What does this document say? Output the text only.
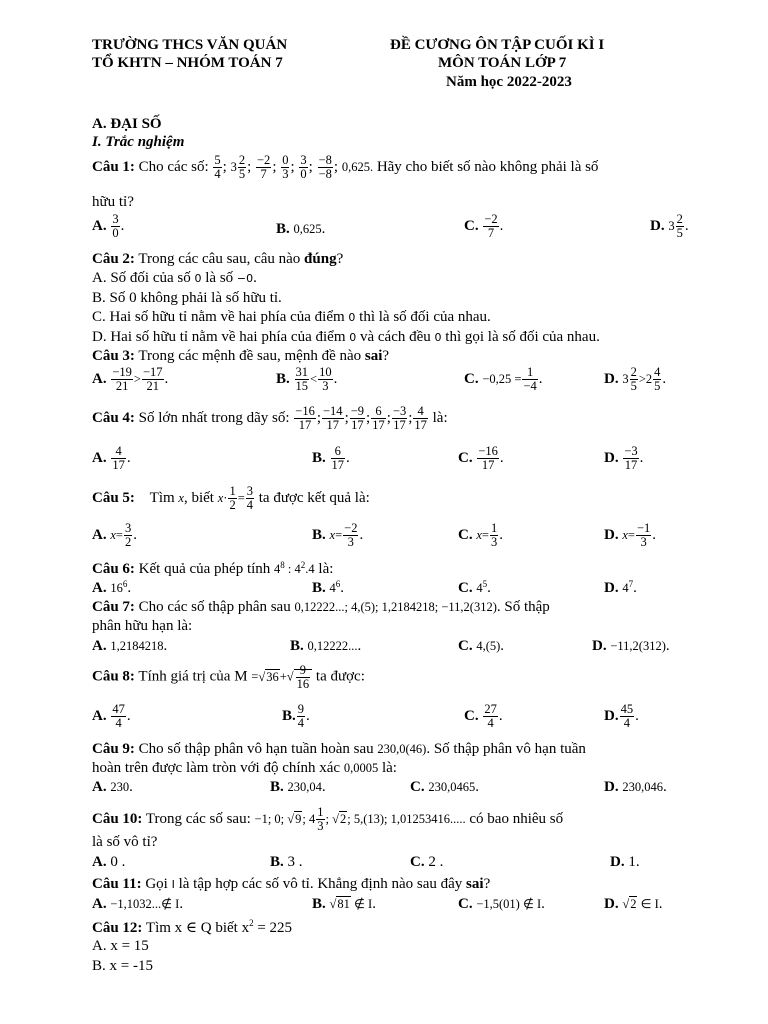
TRƯỜNG THCS VĂN QUÁN
TỔ KHTN – NHÓM TOÁN 7
ĐỀ CƯƠNG ÔN TẬP CUỐI KÌ I
MÔN TOÁN LỚP 7
Năm học 2022-2023
A. ĐẠI SỐ
I. Trắc nghiệm
Câu 1: Cho các số: $\frac{5}{4}$ ; $3 \frac{2}{5}$ ; $\frac{-2}{7}$ ; $\frac{0}{3}$ ; $\frac{3}{0}$ ; $\frac{-8}{-8}$ ; 0,625. Hãy cho biết số nào không phải là số
hữu tỉ?
A. $\frac{3}{0}$ .	B. 0,625.	C. $\frac{-2}{7}$ .	D. $3 \frac{2}{5}$ .
Câu 2: Trong các câu sau, câu nào đúng?
A. Số đối của số 0 là số −0.
B. Số 0 không phải là số hữu tỉ.
C. Hai số hữu tỉ nằm về hai phía của điểm 0 thì là số đối của nhau.
D. Hai số hữu tỉ nằm về hai phía của điểm 0 và cách đều 0 thì gọi là số đối của nhau.
Câu 3: Trong các mệnh đề sau, mệnh đề nào sai?
A. $\frac{-19}{21} > \frac{-17}{21}$ .	B. $\frac{31}{15} < \frac{10}{3}$ .	C. $-0,25 = \frac{1}{-4}$ .	D. $3 \frac{2}{5} >2 \frac{4}{5}$ .
Câu 4: Số lớn nhất trong dãy số: $\frac{-16}{17}$ ; $\frac{-14}{17}$ ; $\frac{-9}{17}$ ; $\frac{6}{17}$ ; $\frac{-3}{17}$ ; $\frac{4}{17}$ là:
A. $\frac{4}{17}$ .	B. $\frac{6}{17}$ .	C. $\frac{-16}{17}$ .	D. $\frac{-3}{17}$ .
Câu 5: Tìm x, biết $x\cdot \frac{1}{2} = \frac{3}{4}$ ta được kết quả là:
A. $x= \frac{3}{2}$ .	B. $x= \frac{-2}{3}$ .	C. $x= \frac{1}{3}$ .	D. $x= \frac{-1}{3}$ .
Câu 6: Kết quả của phép tính $4^8$ : $4^2.4$ là:
A. $16^6$.	B. $4^6$.	C. $4^5$.	D. $4^7$.
Câu 7: Cho các số thập phân sau 0,12222...; 4,(5); 1,2184218; −11,2(312). Số thập
phân hữu hạn là:
A. 1,2184218.	B. 0,12222....	C. 4,(5).	D. −11,2(312).
Câu 8: Tính giá trị của $M =√36+√ \frac{9}{16}$ ta được:
A. $\frac{47}{4}$ .	B. $\frac{9}{4}$ .	C. $\frac{27}{4}$ .	D. $\frac{45}{4}$ .
Câu 9: Cho số thập phân vô hạn tuần hoàn sau 230,0(46). Số thập phân vô hạn tuần
hoàn trên được làm tròn với độ chính xác 0,0005 là:
A. 230.	B. 230,04.	C. 230,0465.	D. 230,046.
Câu 10: Trong các số sau: −1; 0; √9; $4 \frac{1}{3}$ ; √2; 5,(13); 1,01253416..... có bao nhiêu số
là số vô tỉ?
A. 0 .	B. 3 .	C. 2 .	D. 1.
Câu 11: Gọi I là tập hợp các số vô tỉ. Khẳng định nào sau đây sai?
A. −1,1032...∉ I.	B. √81 ∉ I.	C. −1,5(01) ∉ I.	D. √2 ∈ I.
Câu 12: Tìm x ∈ Q biết $x^2 = 225$
A. x = 15
B. x = -15
